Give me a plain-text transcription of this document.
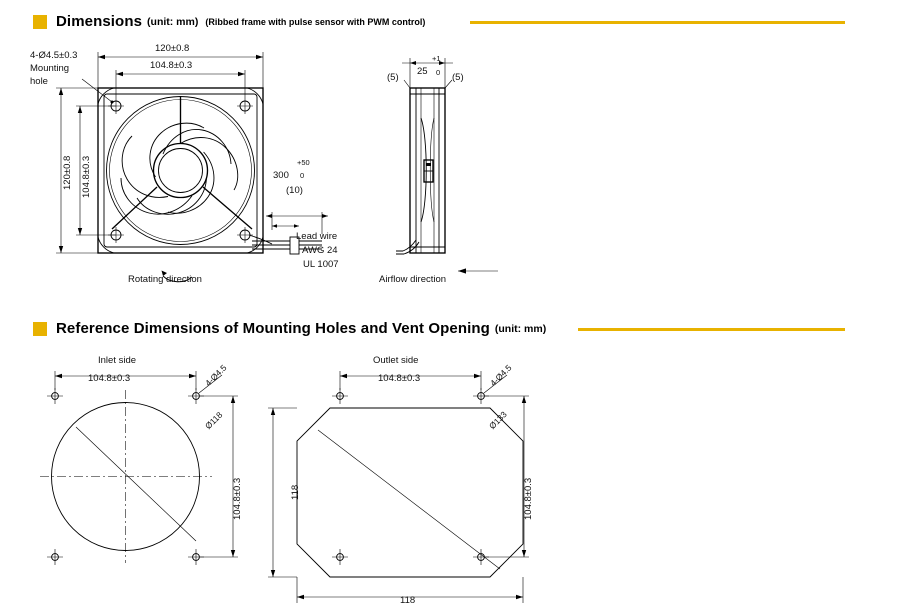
Dimensions (unit: mm) (Ribbed frame with pulse sensor with PWM control)
4-Ø4.5±0.3
Mounting
hole
120±0.8
104.8±0.3
120±0.8 104.8±0.3
Rotating direction
+50
300 0
(10)
Lead wire
AWG 24
UL 1007
+1
25 0
(5)	(5)
Airflow direction
Reference Dimensions of Mounting Holes and Vent Opening (unit: mm)
Inlet side
104.8±0.3
104.8±0.3
4-Ø4.5
Ø118
Outlet side
104.8±0.3
104.8±0.3
118
118
4-Ø4.5
Ø133
